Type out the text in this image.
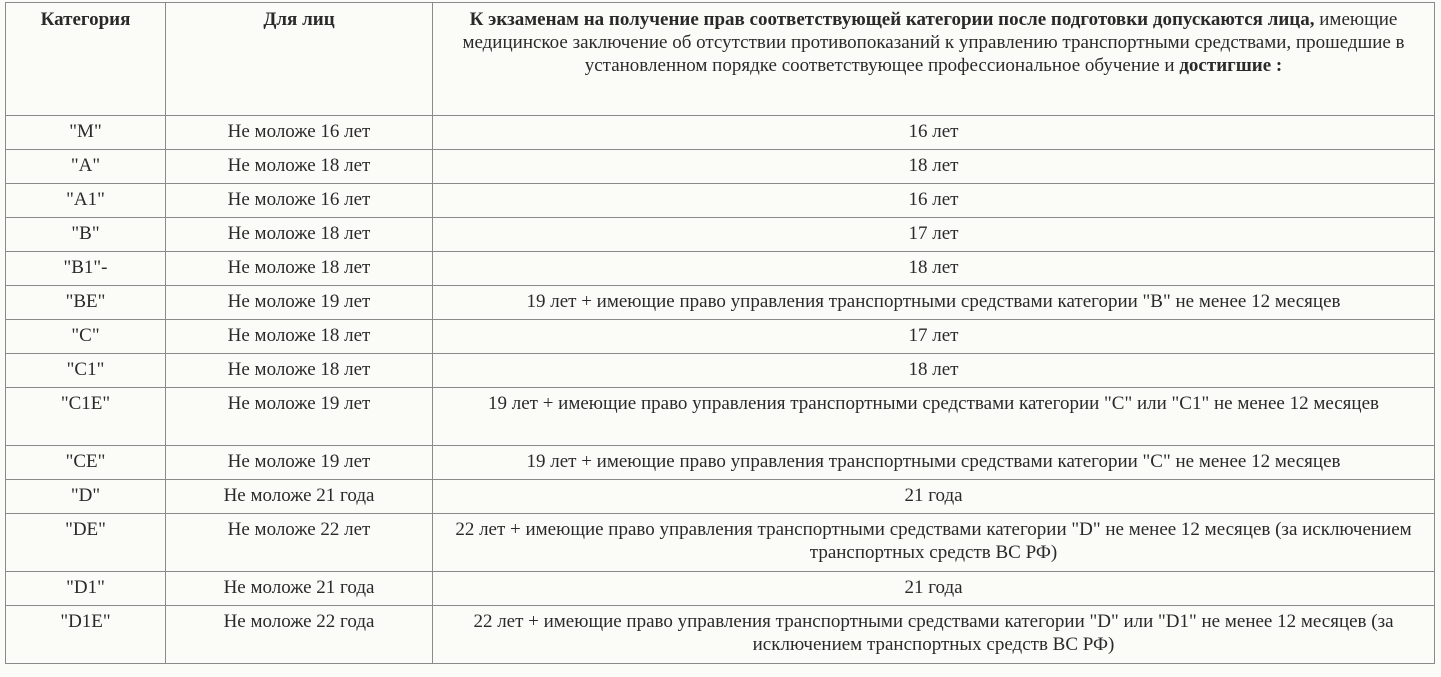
Категория	Для лиц	К экзаменам на получение прав соответствующей категории после подготовки допускаются лица, имеющие медицинское заключение об отсутствии противопоказаний к управлению транспортными средствами, прошедшие в установленном порядке соответствующее профессиональное обучение и достигшие :
"M"	Не моложе 16 лет	16 лет
"A"	Не моложе 18 лет	18 лет
"A1"	Не моложе 16 лет	16 лет
"B"	Не моложе 18 лет	17 лет
"B1"-	Не моложе 18 лет	18 лет
"BE"	Не моложе 19 лет	19 лет + имеющие право управления транспортными средствами категории "B" не менее 12 месяцев
"C"	Не моложе 18 лет	17 лет
"C1"	Не моложе 18 лет	18 лет
"C1E"	Не моложе 19 лет	19 лет + имеющие право управления транспортными средствами категории "C" или "C1" не менее 12 месяцев
"CE"	Не моложе 19 лет	19 лет + имеющие право управления транспортными средствами категории "C" не менее 12 месяцев
"D"	Не моложе 21 года	21 года
"DE"	Не моложе 22 лет	22 лет + имеющие право управления транспортными средствами категории "D" не менее 12 месяцев (за исключением транспортных средств ВС РФ)
"D1"	Не моложе 21 года	21 года
"D1E"	Не моложе 22 года	22 лет + имеющие право управления транспортными средствами категории "D" или "D1" не менее 12 месяцев (за исключением транспортных средств ВС РФ)
